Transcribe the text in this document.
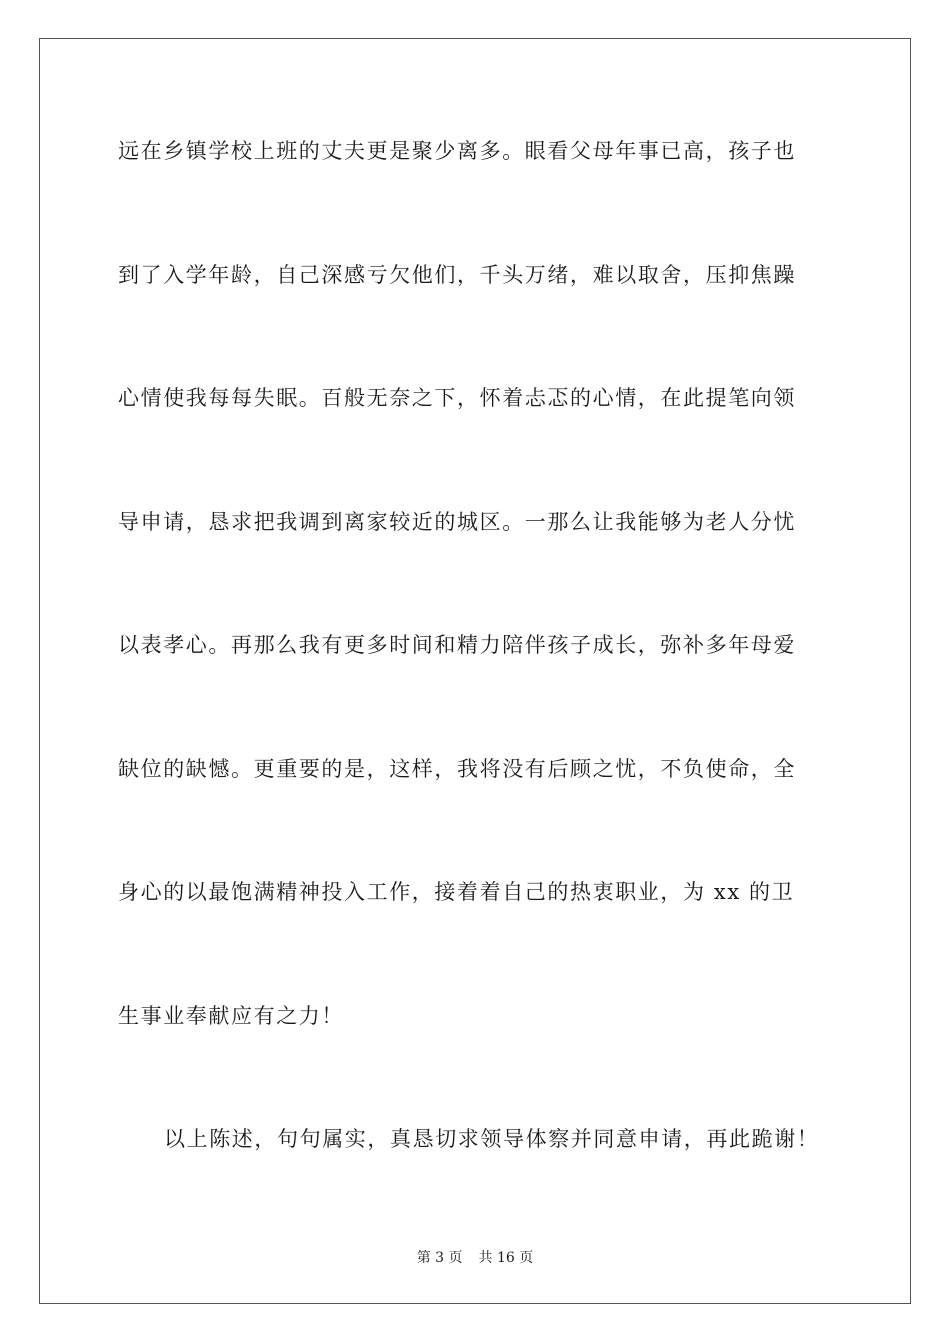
远在乡镇学校上班的丈夫更是聚少离多。眼看父母年事已高，孩子也
到了入学年龄，自己深感亏欠他们，千头万绪，难以取舍，压抑焦躁
心情使我每每失眠。百般无奈之下，怀着忐忑的心情，在此提笔向领
导申请，恳求把我调到离家较近的城区。一那么让我能够为老人分忧
以表孝心。再那么我有更多时间和精力陪伴孩子成长，弥补多年母爱
缺位的缺憾。更重要的是，这样，我将没有后顾之忧，不负使命，全
身心的以最饱满精神投入工作，接着着自己的热衷职业，为 xx 的卫
生事业奉献应有之力！
以上陈述，句句属实，真恳切求领导体察并同意申请，再此跪谢！
第 3 页 共 16 页
